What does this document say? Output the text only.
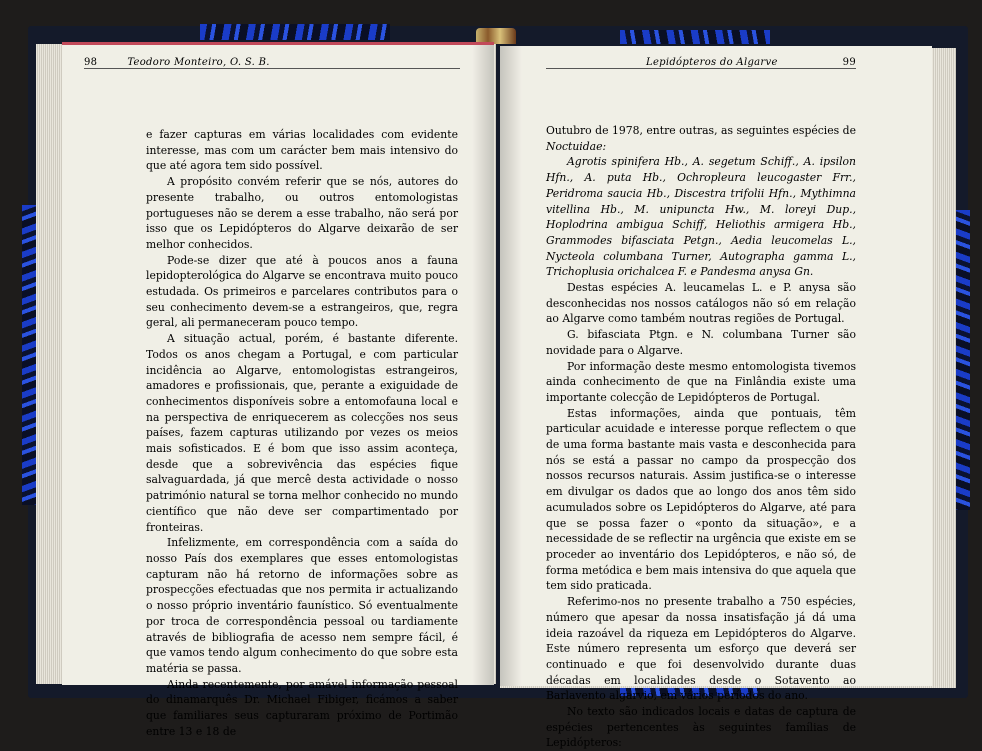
98	Teodoro Monteiro, O. S. B.	Lepidópteros do Algarve	99

e fazer capturas em várias localidades com evidente interesse, mas com um carácter bem mais intensivo do que até agora tem sido possível.

A propósito convém referir que se nós, autores do presente trabalho, ou outros entomologistas portugueses não se derem a esse trabalho, não será por isso que os Lepidópteros do Algarve deixarão de ser melhor conhecidos.

Pode-se dizer que até à poucos anos a fauna lepidopterológica do Algarve se encontrava muito pouco estudada. Os primeiros e parcelares contributos para o seu conhecimento devem-se a estrangeiros, que, regra geral, ali permaneceram pouco tempo.

A situação actual, porém, é bastante diferente. Todos os anos chegam a Portugal, e com particular incidência ao Algarve, entomologistas estrangeiros, amadores e profissionais, que, perante a exiguidade de conhecimentos disponíveis sobre a entomofauna local e na perspectiva de enriquecerem as colecções nos seus países, fazem capturas utilizando por vezes os meios mais sofisticados. E é bom que isso assim aconteça, desde que a sobrevivência das espécies fique salvaguardada, já que mercê desta actividade o nosso património natural se torna melhor conhecido no mundo científico que não deve ser compartimentado por fronteiras.

Infelizmente, em correspondência com a saída do nosso País dos exemplares que esses entomologistas capturam não há retorno de informações sobre as prospecções efectuadas que nos permita ir actualizando o nosso próprio inventário faunístico. Só eventualmente por troca de correspondência pessoal ou tardiamente através de bibliografia de acesso nem sempre fácil, é que vamos tendo algum conhecimento do que sobre esta matéria se passa.

Ainda recentemente, por amável informação pessoal do dinamarquês Dr. Michael Fibiger, ficámos a saber que familiares seus capturaram próximo de Portimão entre 13 e 18 de

Outubro de 1978, entre outras, as seguintes espécies de Noctuidae:

Agrotis spinifera Hb., A. segetum Schiff., A. ipsilon Hfn., A. puta Hb., Ochropleura leucogaster Frr., Peridroma saucia Hb., Discestra trifolii Hfn., Mythimna vitellina Hb., M. unipuncta Hw., M. loreyi Dup., Hoplodrina ambigua Schiff, Heliothis armigera Hb., Grammodes bifasciata Petgn., Aedia leucomelas L., Nycteola columbana Turner, Autographa gamma L., Trichoplusia orichalcea F. e Pandesma anysa Gn.

Destas espécies A. leucamelas L. e P. anysa são desconhecidas nos nossos catálogos não só em relação ao Algarve como também noutras regiões de Portugal.

G. bifasciata Ptgn. e N. columbana Turner são novidade para o Algarve.

Por informação deste mesmo entomologista tivemos ainda conhecimento de que na Finlândia existe uma importante colecção de Lepidópteros de Portugal.

Estas informações, ainda que pontuais, têm particular acuidade e interesse porque reflectem o que de uma forma bastante mais vasta e desconhecida para nós se está a passar no campo da prospecção dos nossos recursos naturais. Assim justifica-se o interesse em divulgar os dados que ao longo dos anos têm sido acumulados sobre os Lepidópteros do Algarve, até para que se possa fazer o «ponto da situação», e a necessidade de se reflectir na urgência que existe em se proceder ao inventário dos Lepidópteros, e não só, de forma metódica e bem mais intensiva do que aquela que tem sido praticada.

Referimo-nos no presente trabalho a 750 espécies, número que apesar da nossa insatisfação já dá uma ideia razoável da riqueza em Lepidópteros do Algarve. Este número representa um esforço que deverá ser continuado e que foi desenvolvido durante duas décadas em localidades desde o Sotavento ao Barlavento algarvio, em vários períodos do ano.

No texto são indicados locais e datas de captura de espécies pertencentes às seguintes famílias de Lepidópteros:
